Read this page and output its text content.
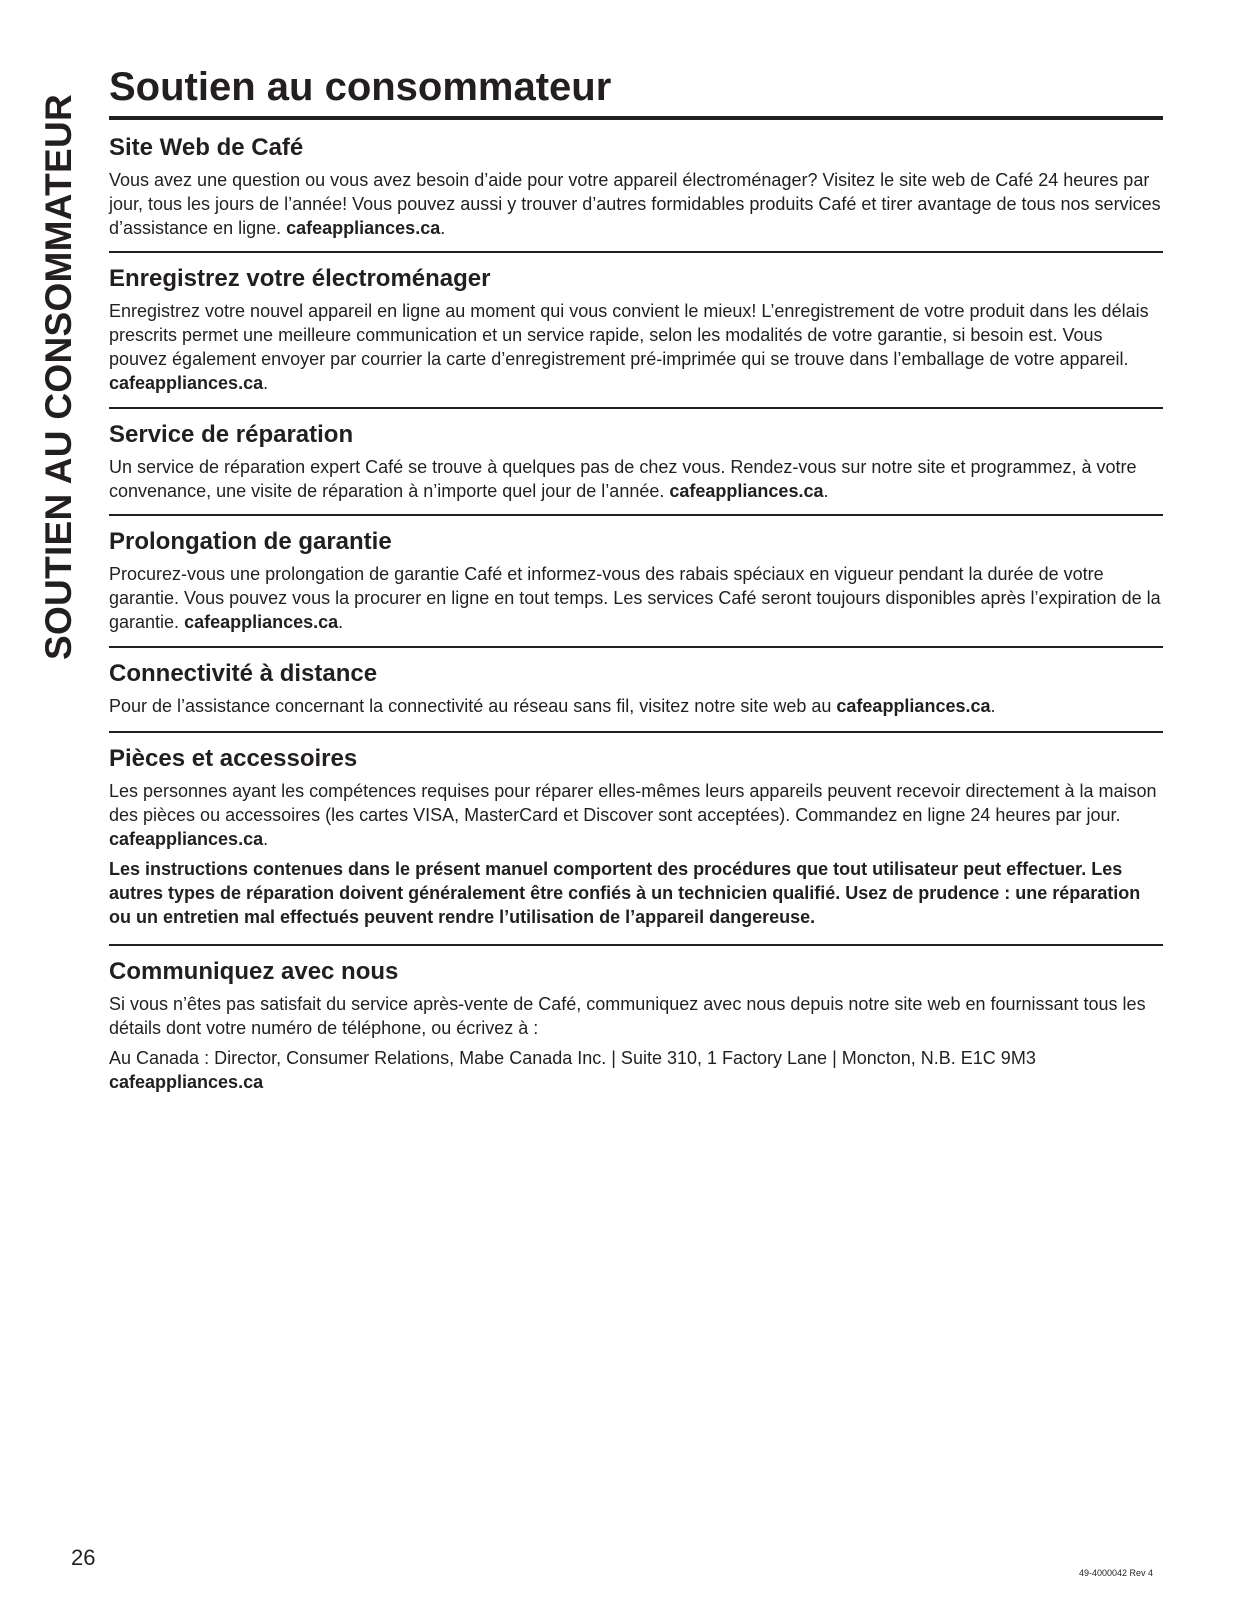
SOUTIEN AU CONSOMMATEUR
Soutien au consommateur
Site Web de Café

Vous avez une question ou vous avez besoin d’aide pour votre appareil électroménager? Visitez le site web de Café 24 heures par jour, tous les jours de l’année! Vous pouvez aussi y trouver d’autres formidables produits Café et tirer avantage de tous nos services d’assistance en ligne. cafeappliances.ca.

Enregistrez votre électroménager

Enregistrez votre nouvel appareil en ligne au moment qui vous convient le mieux! L’enregistrement de votre produit dans les délais prescrits permet une meilleure communication et un service rapide, selon les modalités de votre garantie, si besoin est. Vous pouvez également envoyer par courrier la carte d’enregistrement pré-imprimée qui se trouve dans l’emballage de votre appareil. cafeappliances.ca.

Service de réparation

Un service de réparation expert Café se trouve à quelques pas de chez vous. Rendez-vous sur notre site et programmez, à votre convenance, une visite de réparation à n’importe quel jour de l’année. cafeappliances.ca.

Prolongation de garantie

Procurez-vous une prolongation de garantie Café et informez-vous des rabais spéciaux en vigueur pendant la durée de votre garantie. Vous pouvez vous la procurer en ligne en tout temps. Les services Café seront toujours disponibles après l’expiration de la garantie. cafeappliances.ca.

Connectivité à distance

Pour de l’assistance concernant la connectivité au réseau sans fil, visitez notre site web au cafeappliances.ca.

Pièces et accessoires

Les personnes ayant les compétences requises pour réparer elles-mêmes leurs appareils peuvent recevoir directement à la maison des pièces ou accessoires (les cartes VISA, MasterCard et Discover sont acceptées). Commandez en ligne 24 heures par jour.  cafeappliances.ca.

Les instructions contenues dans le présent manuel comportent des procédures que tout utilisateur peut effectuer. Les autres types de réparation doivent généralement être confiés à un technicien qualifié. Usez de prudence : une réparation ou un entretien mal effectués peuvent rendre l’utilisation de l’appareil dangereuse.

Communiquez avec nous

Si vous n’êtes pas satisfait du service après-vente de Café, communiquez avec nous depuis notre site web en fournissant tous les détails dont votre numéro de téléphone, ou écrivez à :

Au Canada : Director, Consumer Relations, Mabe Canada Inc. | Suite 310, 1 Factory Lane | Moncton, N.B. E1C 9M3

cafeappliances.ca

26
49-4000042 Rev 4
